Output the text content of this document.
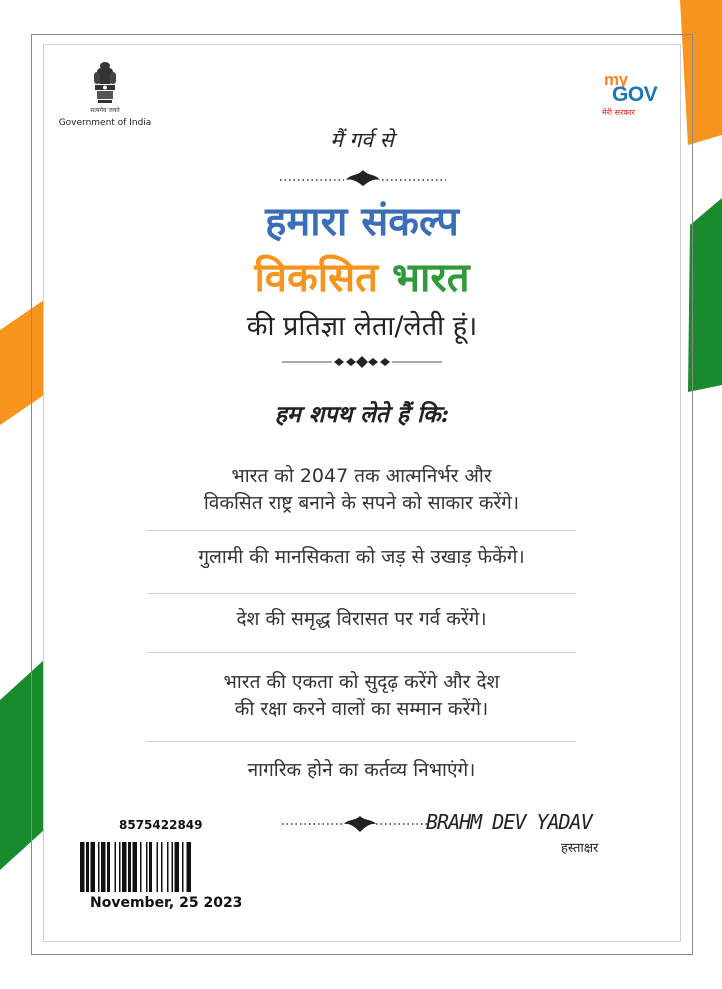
सत्यमेव जयते
Government of India
my
GOV
मेरी सरकार
मैं गर्व से
हमारा संकल्प
विकसित भारत
की प्रतिज्ञा लेता/लेती हूं।
हम शपथ लेते हैं कि:
भारत को 2047 तक आत्मनिर्भर और
विकसित राष्ट्र बनाने के सपने को साकार करेंगे।
गुलामी की मानसिकता को जड़ से उखाड़ फेकेंगे।
देश की समृद्ध विरासत पर गर्व करेंगे।
भारत की एकता को सुदृढ़ करेंगे और देश
की रक्षा करने वालों का सम्मान करेंगे।
नागरिक होने का कर्तव्य निभाएंगे।
8575422849
November, 25 2023
BRAHM DEV YADAV
हस्ताक्षर
